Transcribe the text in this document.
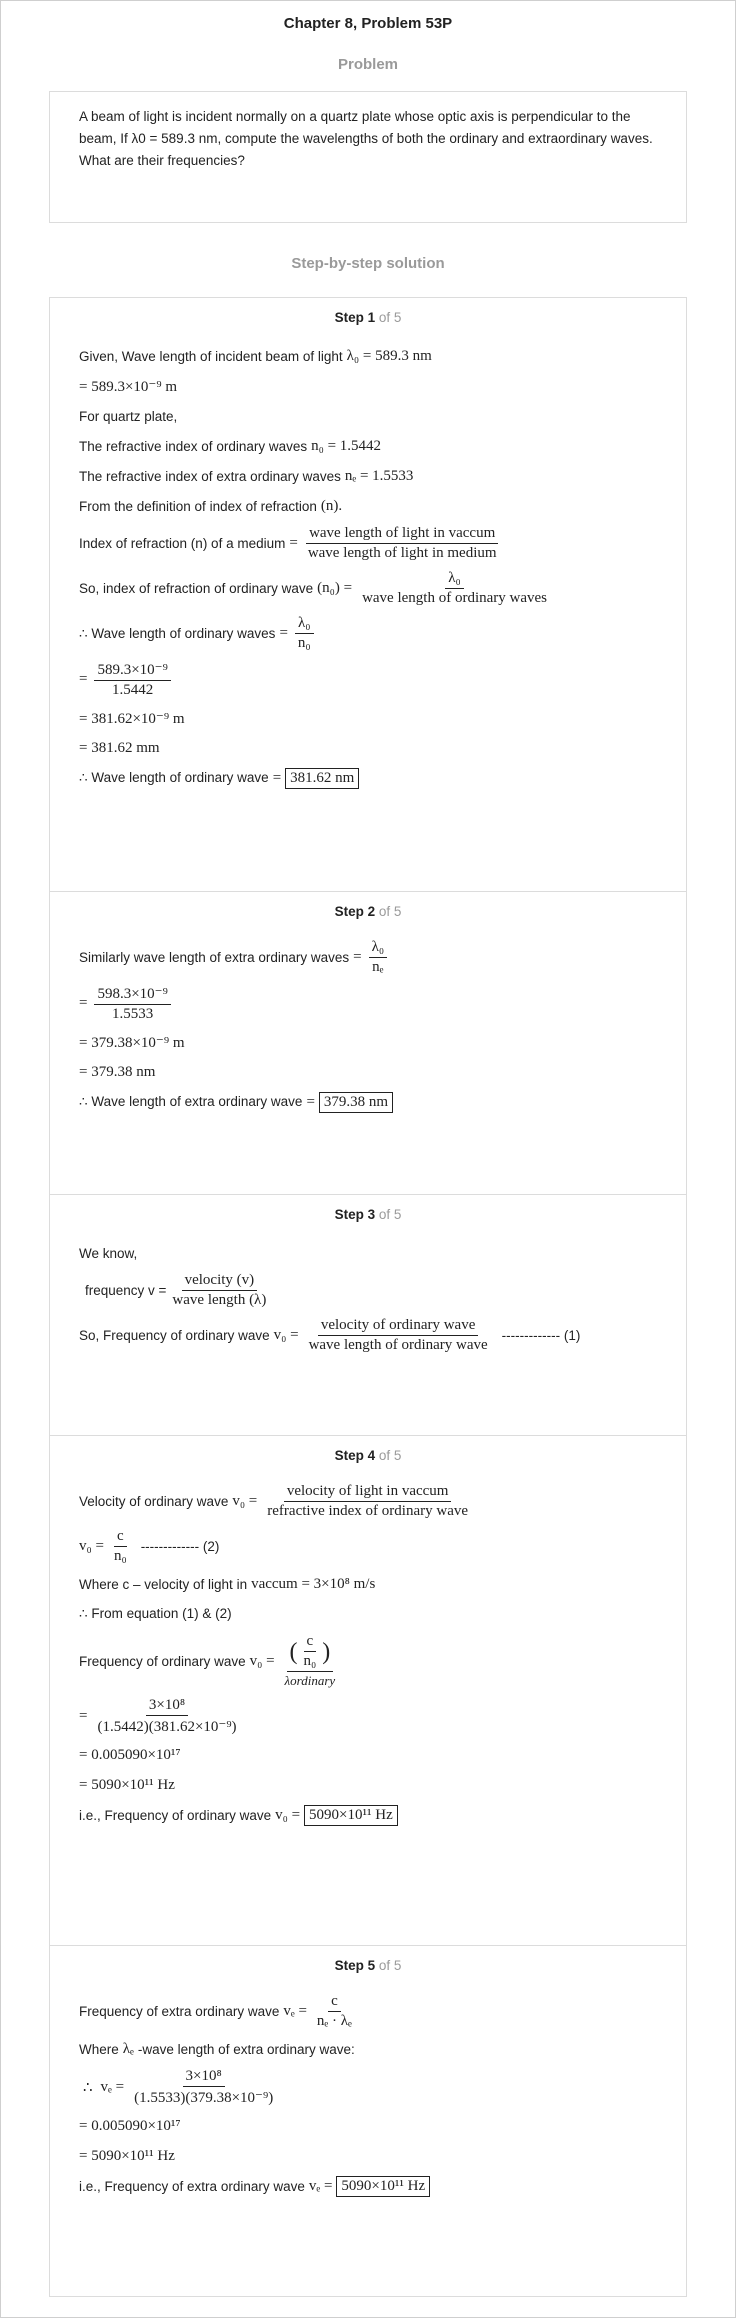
Chapter 8, Problem 53P
Problem
A beam of light is incident normally on a quartz plate whose optic axis is perpendicular to the beam, If λ0 = 589.3 nm, compute the wavelengths of both the ordinary and extraordinary waves. What are their frequencies?
Step-by-step solution
Step 1 of 5
Given, Wave length of incident beam of light λ₀ = 589.3 nm
= 589.3×10⁻⁹ m
For quartz plate,
The refractive index of ordinary waves n₀ = 1.5442
The refractive index of extra ordinary waves nₑ = 1.5533
From the definition of index of refraction (n).
Index of refraction (n) of a medium = $\frac{\text{wave length of light in vaccum}}{\text{wave length of light in medium}}$
So, index of refraction of ordinary wave $(n_0) = \frac{\text{λ₀}}{\text{wave length of ordinary waves}}$
∴ Wave length of ordinary waves = $\frac{\text{λ₀}}{\text{n₀}}$
= $\frac{\text{589.3×10⁻⁹}}{1.5442}$
= 381.62×10⁻⁹ m
= 381.62 mm
∴ Wave length of ordinary wave = 381.62 nm
Step 2 of 5
Similarly wave length of extra ordinary waves = $\frac{\text{λ₀}}{\text{nₑ}}$
= $\frac{\text{598.3×10⁻⁹}}{1.5533}$
= 379.38×10⁻⁹ m
= 379.38 nm
∴ Wave length of extra ordinary wave = 379.38 nm
Step 3 of 5
We know,
frequency $v = \frac{\text{velocity (v)}}{\text{wave length (λ)}}$
So, Frequency of ordinary wave $v_0 = \frac{\text{velocity of ordinary wave}}{\text{wave length of ordinary wave}}$ ------------- (1)
Step 4 of 5
Velocity of ordinary wave $v_0 = \frac{\text{velocity of light in vaccum}}{\text{refractive index of ordinary wave}}$
$v_0 = \frac{c}{\text{n₀}}$ ------------- (2)
Where c – velocity of light in vaccum = 3×10⁸ m/s
∴ From equation (1) & (2)
Frequency of ordinary wave v₀ = ( $\frac{c}{\text{n₀}}$ )
λordinary
= $\frac{\text{3×10⁸}}{\text{(1.5442)(381.62×10⁻⁹)}}$
= 0.005090×10¹⁷
= 5090×10¹¹ Hz
i.e., Frequency of ordinary wave v₀ = 5090×10¹¹ Hz
Step 5 of 5
Frequency of extra ordinary wave $v_e = \frac{c}{\text{nₑ · λₑ}}$
Where λₑ -wave length of extra ordinary wave:
∴ $v_e = \frac{\text{3×10⁸}}{\text{(1.5533)(379.38×10⁻⁹)}}$
= 0.005090×10¹⁷
= 5090×10¹¹ Hz
i.e., Frequency of extra ordinary wave vₑ = 5090×10¹¹ Hz
